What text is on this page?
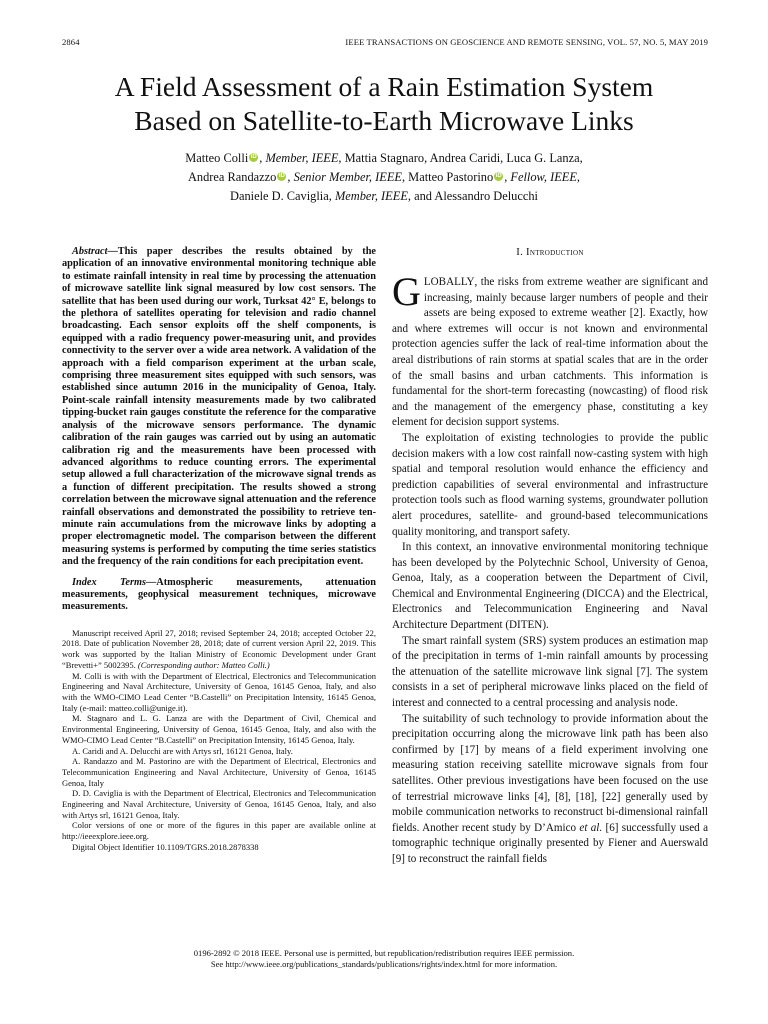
2864	IEEE TRANSACTIONS ON GEOSCIENCE AND REMOTE SENSING, VOL. 57, NO. 5, MAY 2019
A Field Assessment of a Rain Estimation System
Based on Satellite-to-Earth Microwave Links
Matteo Colli iD , Member, IEEE, Mattia Stagnaro, Andrea Caridi, Luca G. Lanza,
Andrea Randazzo iD , Senior Member, IEEE, Matteo Pastorino iD , Fellow, IEEE,
Daniele D. Caviglia, Member, IEEE, and Alessandro Delucchi

Abstract—This paper describes the results obtained by the application of an innovative environmental monitoring technique able to estimate rainfall intensity in real time by processing the attenuation of microwave satellite link signal measured by low cost sensors. The satellite that has been used during our work, Turksat 42° E, belongs to the plethora of satellites operating for television and radio channel broadcasting. Each sensor exploits off the shelf components, is equipped with a radio frequency power-measuring unit, and provides connectivity to the server over a wide area network. A validation of the approach with a field comparison experiment at the urban scale, comprising three measurement sites equipped with such sensors, was established since autumn 2016 in the municipality of Genoa, Italy. Point-scale rainfall intensity measurements made by two calibrated tipping-bucket rain gauges constitute the reference for the comparative analysis of the microwave sensors performance. The dynamic calibration of the rain gauges was carried out by using an automatic calibration rig and the measurements have been processed with advanced algorithms to reduce counting errors. The experimental setup allowed a full characterization of the microwave signal trends as a function of different precipitation. The results showed a strong correlation between the microwave signal attenuation and the reference rainfall observations and demonstrated the possibility to retrieve ten-minute rain accumulations from the microwave links by adopting a proper electromagnetic model. The comparison between the different measuring systems is performed by computing the time series statistics and the frequency of the rain conditions for each precipitation event.

Index Terms—Atmospheric measurements, attenuation measurements, geophysical measurement techniques, microwave measurements.

Manuscript received April 27, 2018; revised September 24, 2018; accepted October 22, 2018. Date of publication November 28, 2018; date of current version April 22, 2019. This work was supported by the Italian Ministry of Economic Development under Grant “Brevetti+” 5002395. (Corresponding author: Matteo Colli.)

M. Colli is with with the Department of Electrical, Electronics and Telecommunication Engineering and Naval Architecture, University of Genoa, 16145 Genoa, Italy, and also with the WMO-CIMO Lead Center “B.Castelli” on Precipitation Intensity, 16145 Genoa, Italy (e-mail: matteo.colli@unige.it).

M. Stagnaro and L. G. Lanza are with the Department of Civil, Chemical and Environmental Engineering, University of Genoa, 16145 Genoa, Italy, and also with the WMO-CIMO Lead Center “B.Castelli” on Precipitation Intensity, 16145 Genoa, Italy.

A. Caridi and A. Delucchi are with Artys srl, 16121 Genoa, Italy.

A. Randazzo and M. Pastorino are with the Department of Electrical, Electronics and Telecommunication Engineering and Naval Architecture, University of Genoa, 16145 Genoa, Italy

D. D. Caviglia is with the Department of Electrical, Electronics and Telecommunication Engineering and Naval Architecture, University of Genoa, 16145 Genoa, Italy, and also with Artys srl, 16121 Genoa, Italy.

Color versions of one or more of the figures in this paper are available online at http://ieeexplore.ieee.org.

Digital Object Identifier 10.1109/TGRS.2018.2878338

I. Introduction

GLOBALLY, the risks from extreme weather are significant and increasing, mainly because larger numbers of people and their assets are being exposed to extreme weather [2]. Exactly, how and where extremes will occur is not known and environmental protection agencies suffer the lack of real-time information about the areal distributions of rain storms at spatial scales that are in the order of the small basins and urban catchments. This information is fundamental for the short-term forecasting (nowcasting) of flood risk and the management of the emergency phase, constituting a key element for decision support systems.

The exploitation of existing technologies to provide the public decision makers with a low cost rainfall now-casting system with high spatial and temporal resolution would enhance the efficiency and prediction capabilities of several environmental and infrastructure protection tools such as flood warning systems, groundwater pollution alert procedures, satellite- and ground-based telecommunications quality monitoring, and transport safety.

In this context, an innovative environmental monitoring technique has been developed by the Polytechnic School, University of Genoa, Genoa, Italy, as a cooperation between the Department of Civil, Chemical and Environmental Engineering (DICCA) and the Electrical, Electronics and Telecommunication Engineering and Naval Architecture Department (DITEN).

The smart rainfall system (SRS) system produces an estimation map of the precipitation in terms of 1-min rainfall amounts by processing the attenuation of the satellite microwave link signal [7]. The system consists in a set of peripheral microwave links placed on the field of interest and connected to a central processing and analysis node.

The suitability of such technology to provide information about the precipitation occurring along the microwave link path has been also confirmed by [17] by means of a field experiment involving one measuring station receiving satellite microwave signals from four satellites. Other previous investigations have been focused on the use of terrestrial microwave links [4], [8], [18], [22] generally used by mobile communication networks to reconstruct bi-dimensional rainfall fields. Another recent study by D’Amico et al. [6] successfully used a tomographic technique originally presented by Fiener and Auerswald [9] to reconstruct the rainfall fields

0196-2892 © 2018 IEEE. Personal use is permitted, but republication/redistribution requires IEEE permission.
See http://www.ieee.org/publications_standards/publications/rights/index.html for more information.
